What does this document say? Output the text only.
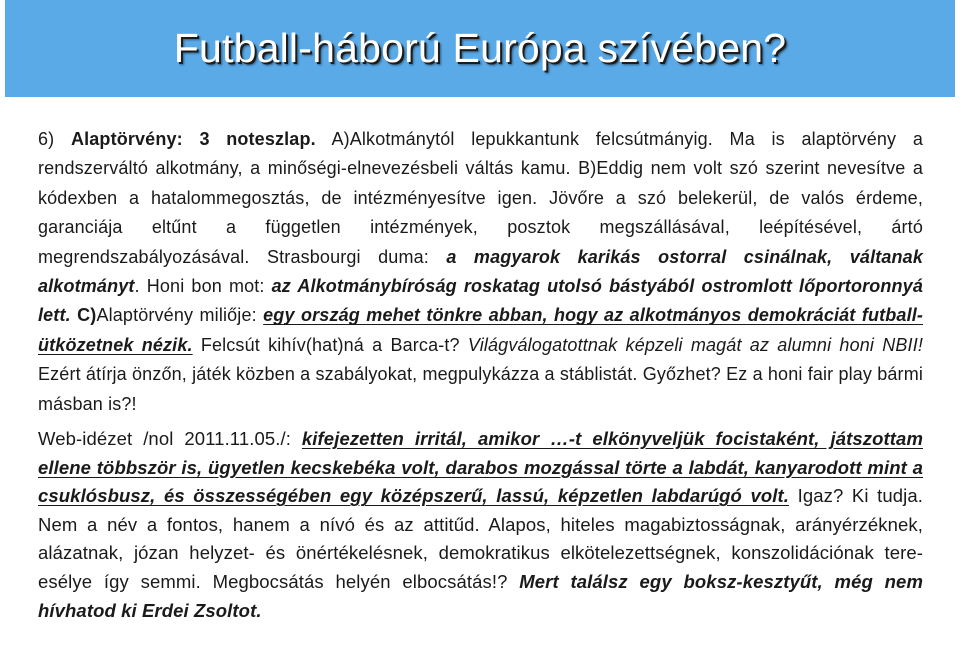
Futball-háború Európa szívében?

6) Alaptörvény: 3 noteszlap. A)Alkotmánytól lepukkantunk felcsútmányig. Ma is alaptörvény a rendszerváltó alkotmány, a minőségi-elnevezésbeli váltás kamu. B)Eddig nem volt szó szerint nevesítve a kódexben a hatalommegosztás, de intézményesítve igen. Jövőre a szó belekerül, de valós érdeme, garanciája eltűnt a független intézmények, posztok megszállásával, leépítésével, ártó megrendszabályozásával. Strasbourgi duma: a magyarok karikás ostorral csinálnak, váltanak alkotmányt. Honi bon mot: az Alkotmánybíróság roskatag utolsó bástyából ostromlott lőportoronnyá lett. C)Alaptörvény miliője: egy ország mehet tönkre abban, hogy az alkotmányos demokráciát futball-ütközetnek nézik. Felcsút kihív(hat)ná a Barca-t? Világválogatottnak képzeli magát az alumni honi NBII! Ezért átírja önzőn, játék közben a szabályokat, megpulykázza a stáblistát. Győzhet? Ez a honi fair play bármi másban is?!

Web-idézet /nol 2011.11.05./: kifejezetten irritál, amikor …-t elkönyveljük focistaként, játszottam ellene többször is, ügyetlen kecskebéka volt, darabos mozgással törte a labdát, kanyarodott mint a csuklósbusz, és összességében egy középszerű, lassú, képzetlen labdarúgó volt. Igaz? Ki tudja. Nem a név a fontos, hanem a nívó és az attitűd. Alapos, hiteles magabiztosságnak, arányérzéknek, alázatnak, józan helyzet- és önértékelésnek, demokratikus elkötelezettségnek, konszolidációnak tere-esélye így semmi. Megbocsátás helyén elbocsátás!? Mert találsz egy boksz-kesztyűt, még nem hívhatod ki Erdei Zsoltot.
